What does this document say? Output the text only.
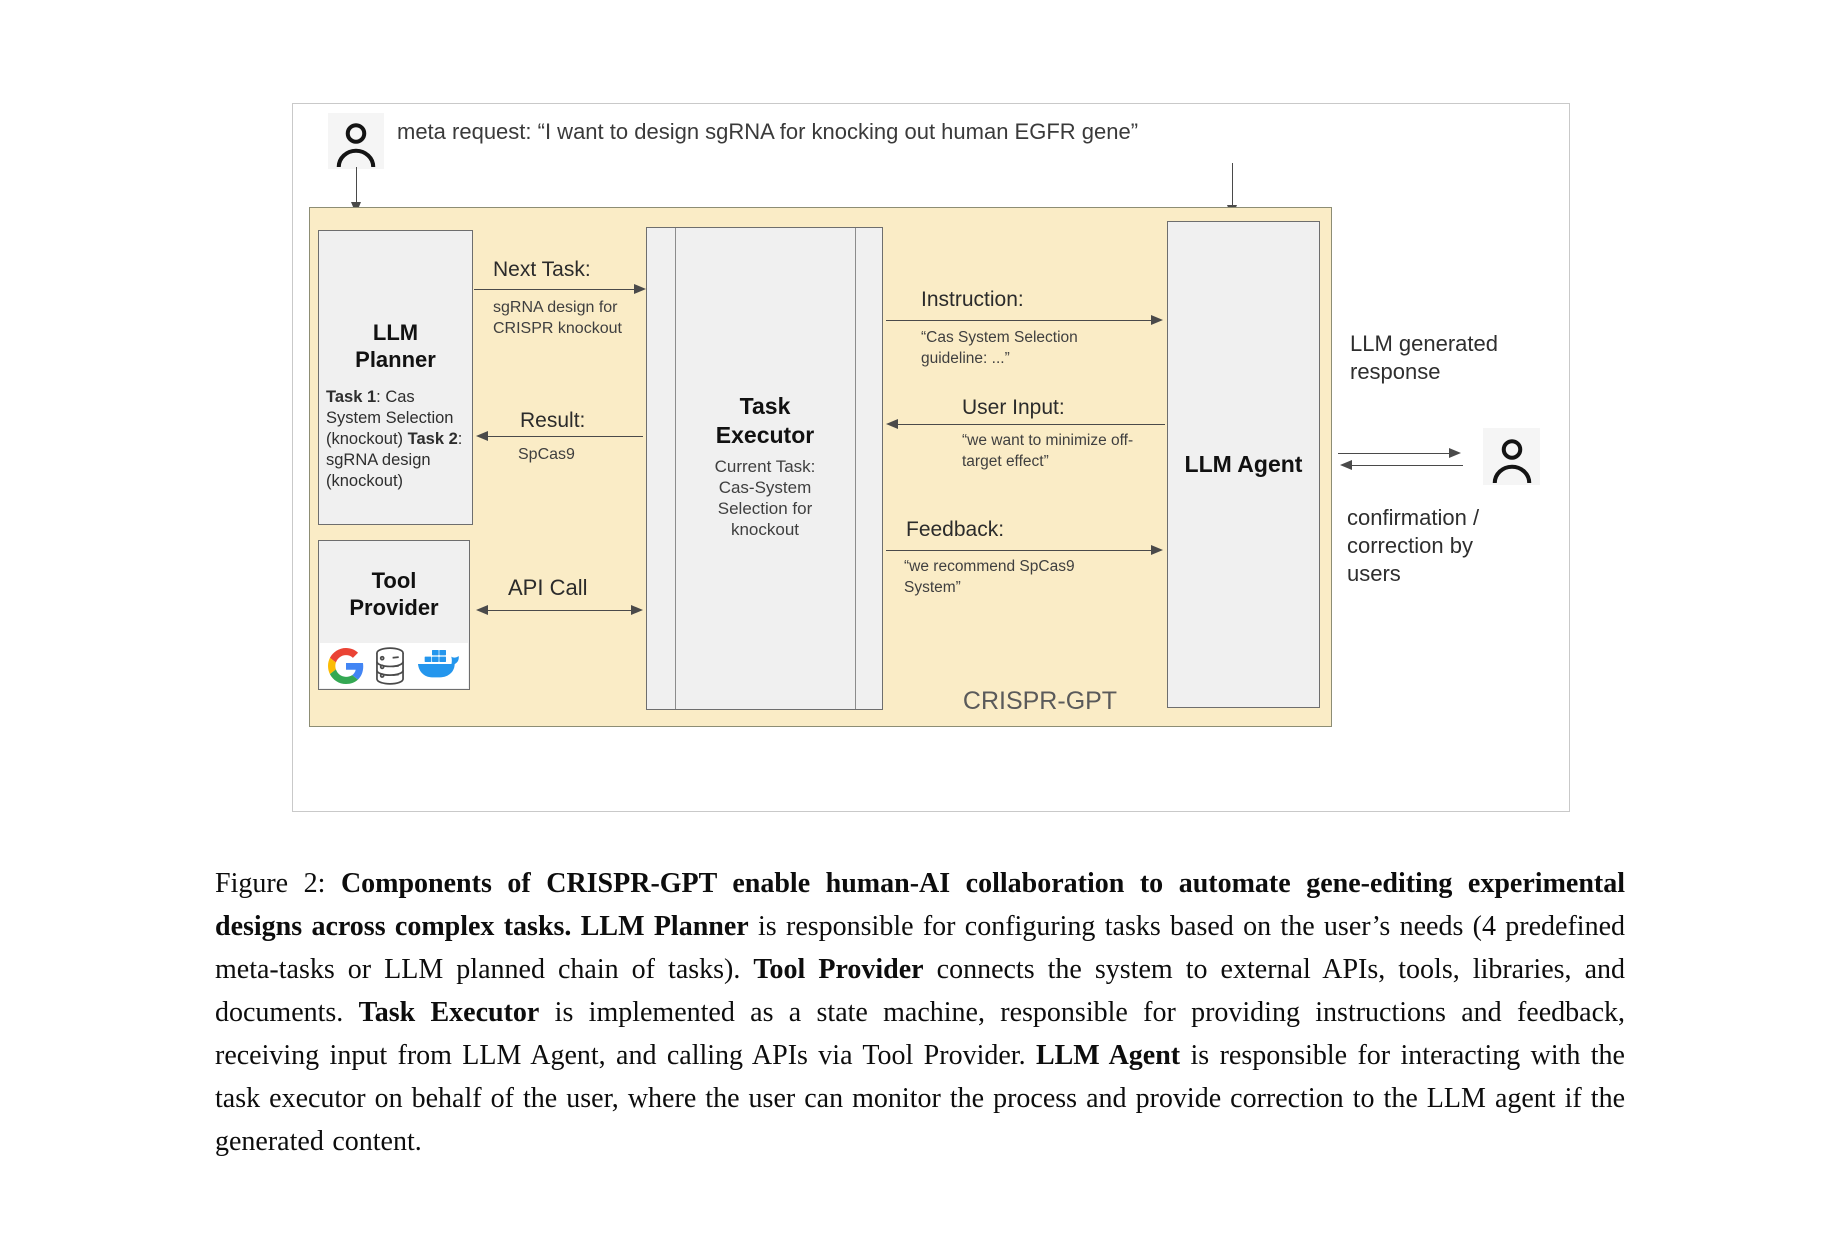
meta request: “I want to design sgRNA for knocking out human EGFR gene”
CRISPR-GPT
LLM Planner
Task 1: Cas System Selection (knockout) Task 2: sgRNA design (knockout)
Tool Provider
Task Executor
Current Task: Cas-System Selection for knockout
LLM Agent
Next Task:
sgRNA design for CRISPR knockout
Result:
SpCas9
API Call
Instruction:
“Cas System Selection guideline: ...”
User Input:
“we want to minimize off-target effect”
Feedback:
“we recommend SpCas9 System”
LLM generated response
confirmation / correction by users
Figure 2: Components of CRISPR-GPT enable human-AI collaboration to automate gene-editing experimental designs across complex tasks. LLM Planner is responsible for configuring tasks based on the user’s needs (4 predefined meta-tasks or LLM planned chain of tasks). Tool Provider connects the system to external APIs, tools, libraries, and documents. Task Executor is implemented as a state machine, responsible for providing instructions and feedback, receiving input from LLM Agent, and calling APIs via Tool Provider. LLM Agent is responsible for interacting with the task executor on behalf of the user, where the user can monitor the process and provide correction to the LLM agent if the generated content.
